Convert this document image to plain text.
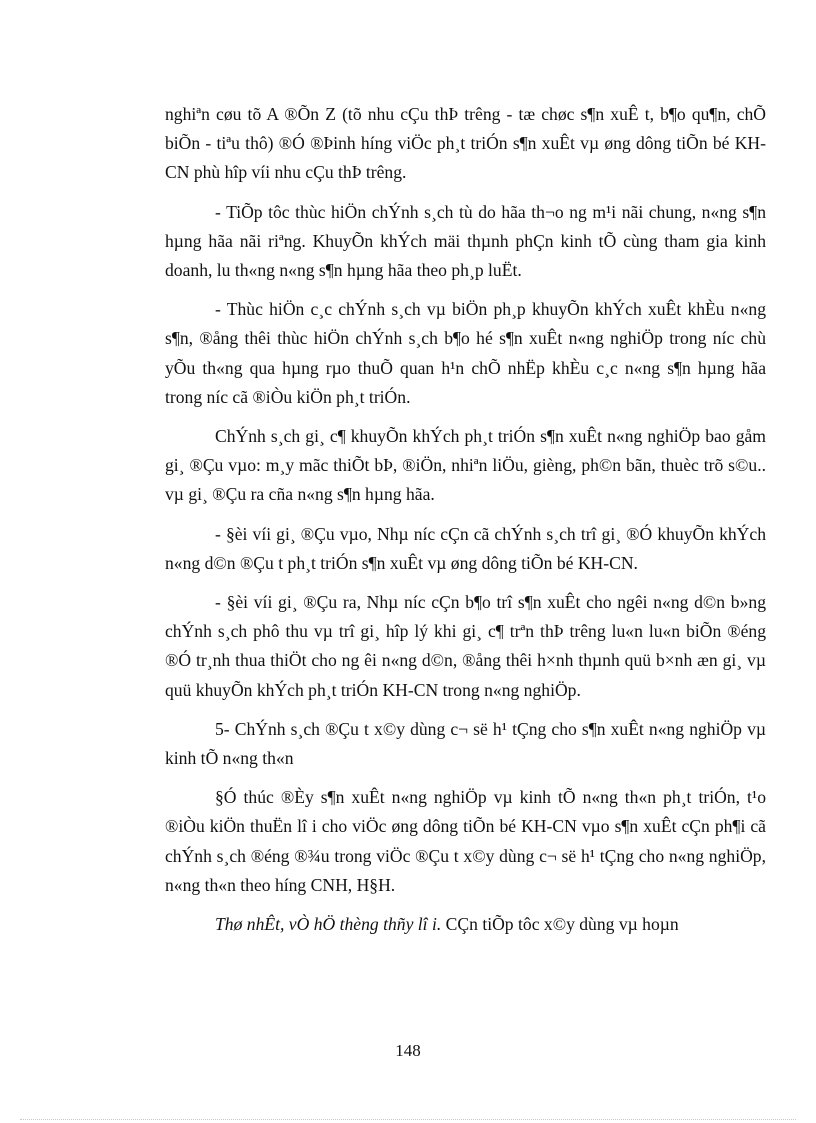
nghiªn cøu tõ A ®Õn Z (tõ nhu cÇu thÞ trêng - tæ chøc s¶n xuÊ t, b¶o qu¶n, chÕ biÕn - tiªu thô) ®Ó ®Þinh híng viÖc ph¸t triÓn s¶n xuÊt vµ øng dông tiÕn bé KH-CN phù hîp víi nhu cÇu thÞ trêng.

- TiÕp tôc thùc hiÖn chÝnh s¸ch tù do hãa th¬o ng m¹i nãi chung, n«ng s¶n hµng hãa nãi riªng. KhuyÕn khÝch mäi thµnh phÇn kinh tÕ cùng tham gia kinh doanh, lu th«ng n«ng s¶n hµng hãa theo ph¸p luËt.

- Thùc hiÖn c¸c chÝnh s¸ch vµ biÖn ph¸p khuyÕn khÝch xuÊt khÈu n«ng s¶n, ®ång thêi thùc hiÖn chÝnh s¸ch b¶o hé s¶n xuÊt n«ng nghiÖp trong níc chù yÕu th«ng qua hµng rµo thuÕ quan h¹n chÕ nhËp khÈu c¸c n«ng s¶n hµng hãa trong níc cã ®iÒu kiÖn ph¸t triÓn.

ChÝnh s¸ch gi¸ c¶ khuyÕn khÝch ph¸t triÓn s¶n xuÊt n«ng nghiÖp bao gåm gi¸ ®Çu vµo: m¸y mãc thiÕt bÞ, ®iÖn, nhiªn liÖu, gièng, ph©n bãn, thuèc trõ s©u.. vµ gi¸ ®Çu ra cña n«ng s¶n hµng hãa.

- §èi víi gi¸ ®Çu vµo, Nhµ níc cÇn cã chÝnh s¸ch trî gi¸ ®Ó khuyÕn khÝch n«ng d©n ®Çu t ph¸t triÓn s¶n xuÊt vµ øng dông tiÕn bé KH-CN.

- §èi víi gi¸ ®Çu ra, Nhµ níc cÇn b¶o trî s¶n xuÊt cho ngêi n«ng d©n b»ng chÝnh s¸ch phô thu vµ trî gi¸ hîp lý khi gi¸ c¶ trªn thÞ trêng lu«n lu«n biÕn ®éng ®Ó tr¸nh thua thiÖt cho ng êi n«ng d©n, ®ång thêi h×nh thµnh quü b×nh æn gi¸ vµ quü khuyÕn khÝch ph¸t triÓn KH-CN trong n«ng nghiÖp.

5- ChÝnh s¸ch ®Çu t x©y dùng c¬ së h¹ tÇng cho s¶n xuÊt n«ng nghiÖp vµ kinh tÕ n«ng th«n

§Ó thúc ®Èy s¶n xuÊt n«ng nghiÖp vµ kinh tÕ n«ng th«n ph¸t triÓn, t¹o ®iÒu kiÖn thuËn lî i cho viÖc øng dông tiÕn bé KH-CN vµo s¶n xuÊt cÇn ph¶i cã chÝnh s¸ch ®éng ®¾u trong viÖc ®Çu t x©y dùng c¬ së h¹ tÇng cho n«ng nghiÖp, n«ng th«n theo híng CNH, H§H.

Thø nhÊt, vÒ hÖ thèng thñy lî i. CÇn tiÕp tôc x©y dùng vµ hoµn

148
